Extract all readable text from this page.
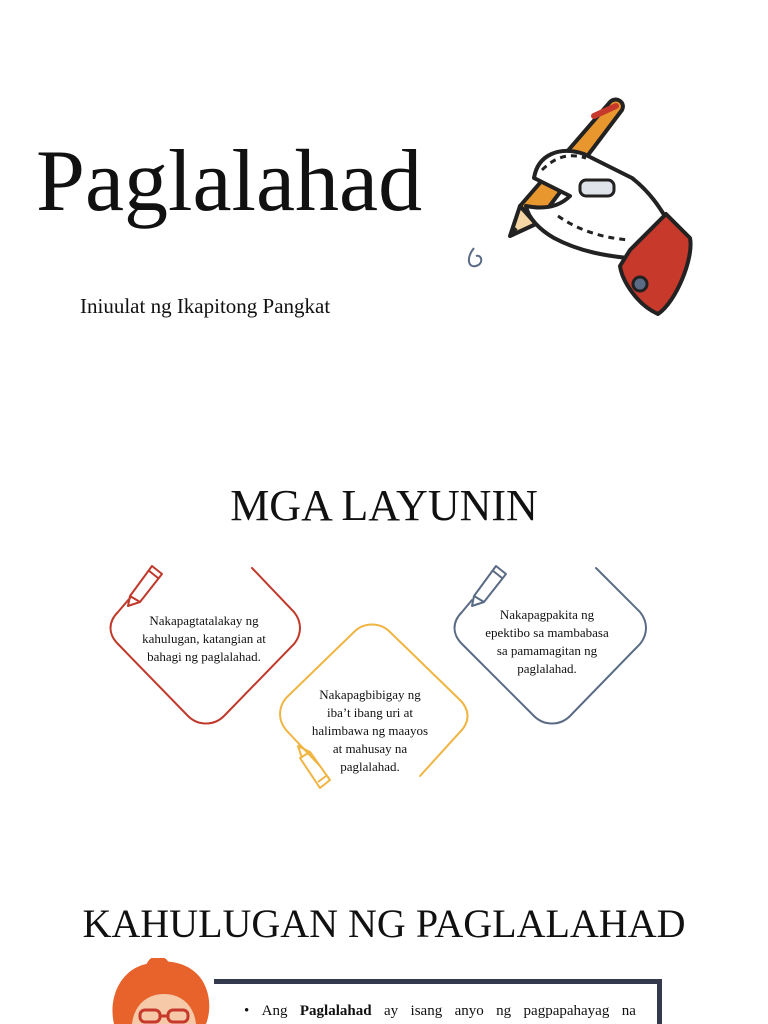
Paglalahad

Iniuulat ng Ikapitong Pangkat

MGA LAYUNIN

Nakapagtatalakay ng kahulugan, katangian at bahagi ng paglalahad.

Nakapagbibigay ng iba’t ibang uri at halimbawa ng maayos at mahusay na paglalahad.

Nakapagpakita ng epektibo sa mambabasa sa pamamagitan ng paglalahad.

KAHULUGAN NG PAGLALAHAD

• Ang Paglalahad ay isang anyo ng pagpapahayag na
